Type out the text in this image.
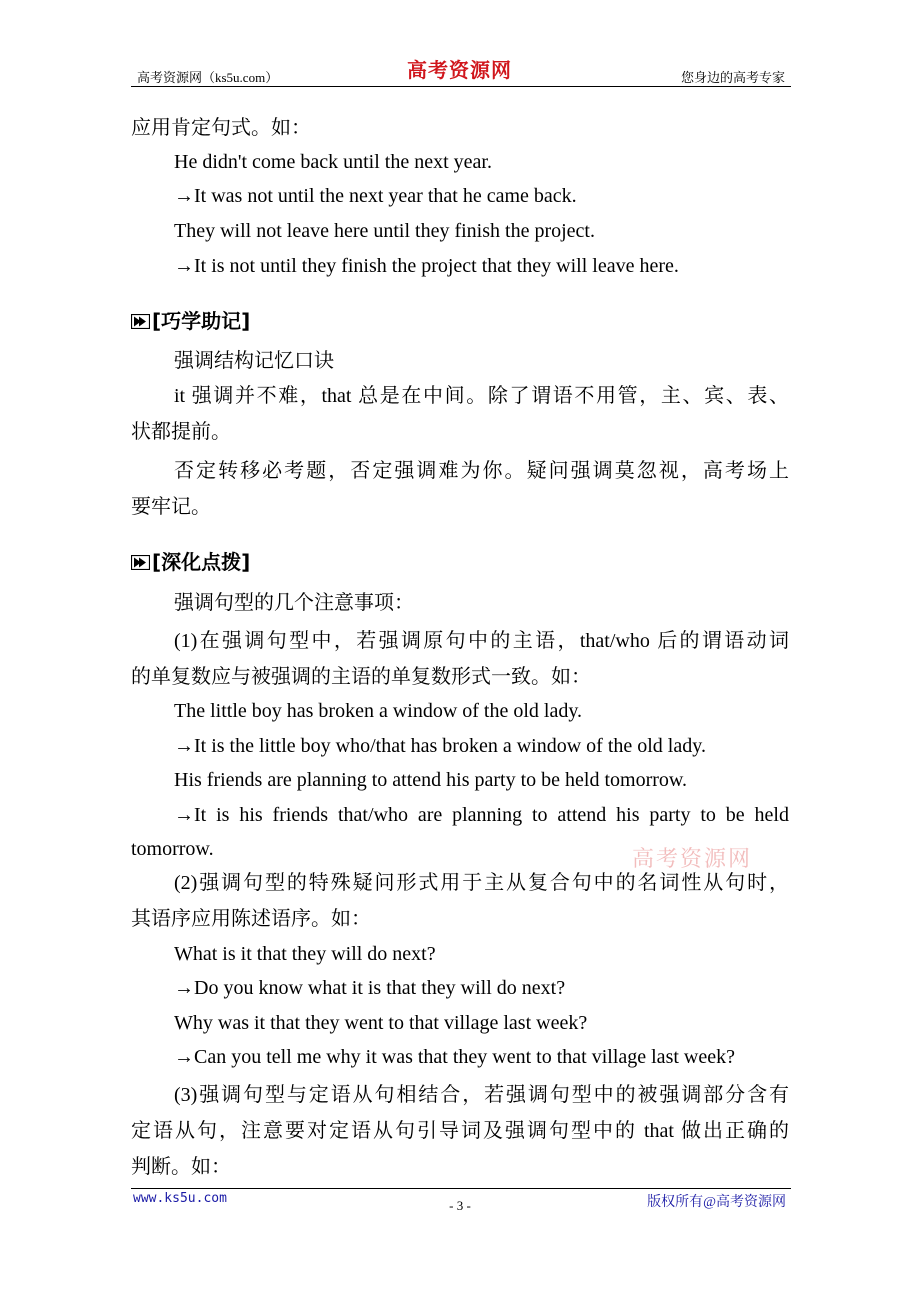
高考资源网（ks5u.com）	高考资源网	您身边的高考专家
应用肯定句式。如：
He didn't come back until the next year.
→It was not until the next year that he came back.
They will not leave here until they finish the project.
→It is not until they finish the project that they will leave here.
[巧学助记]
强调结构记忆口诀
it 强调并不难，that 总是在中间。除了谓语不用管，主、宾、表、
状都提前。
否定转移必考题，否定强调难为你。疑问强调莫忽视，高考场上
要牢记。
[深化点拨]
强调句型的几个注意事项：
(1)在强调句型中，若强调原句中的主语，that/who 后的谓语动词
的单复数应与被强调的主语的单复数形式一致。如：
The little boy has broken a window of the old lady.
→It is the little boy who/that has broken a window of the old lady.
His friends are planning to attend his party to be held tomorrow.
→It is his friends that/who are planning to attend his party to be held
tomorrow.	高考资源网
(2)强调句型的特殊疑问形式用于主从复合句中的名词性从句时，
其语序应用陈述语序。如：
What is it that they will do next?
→Do you know what it is that they will do next?
Why was it that they went to that village last week?
→Can you tell me why it was that they went to that village last week?
(3)强调句型与定语从句相结合，若强调句型中的被强调部分含有
定语从句，注意要对定语从句引导词及强调句型中的 that 做出正确的
判断。如：
www.ks5u.com	- 3 -	版权所有@高考资源网
